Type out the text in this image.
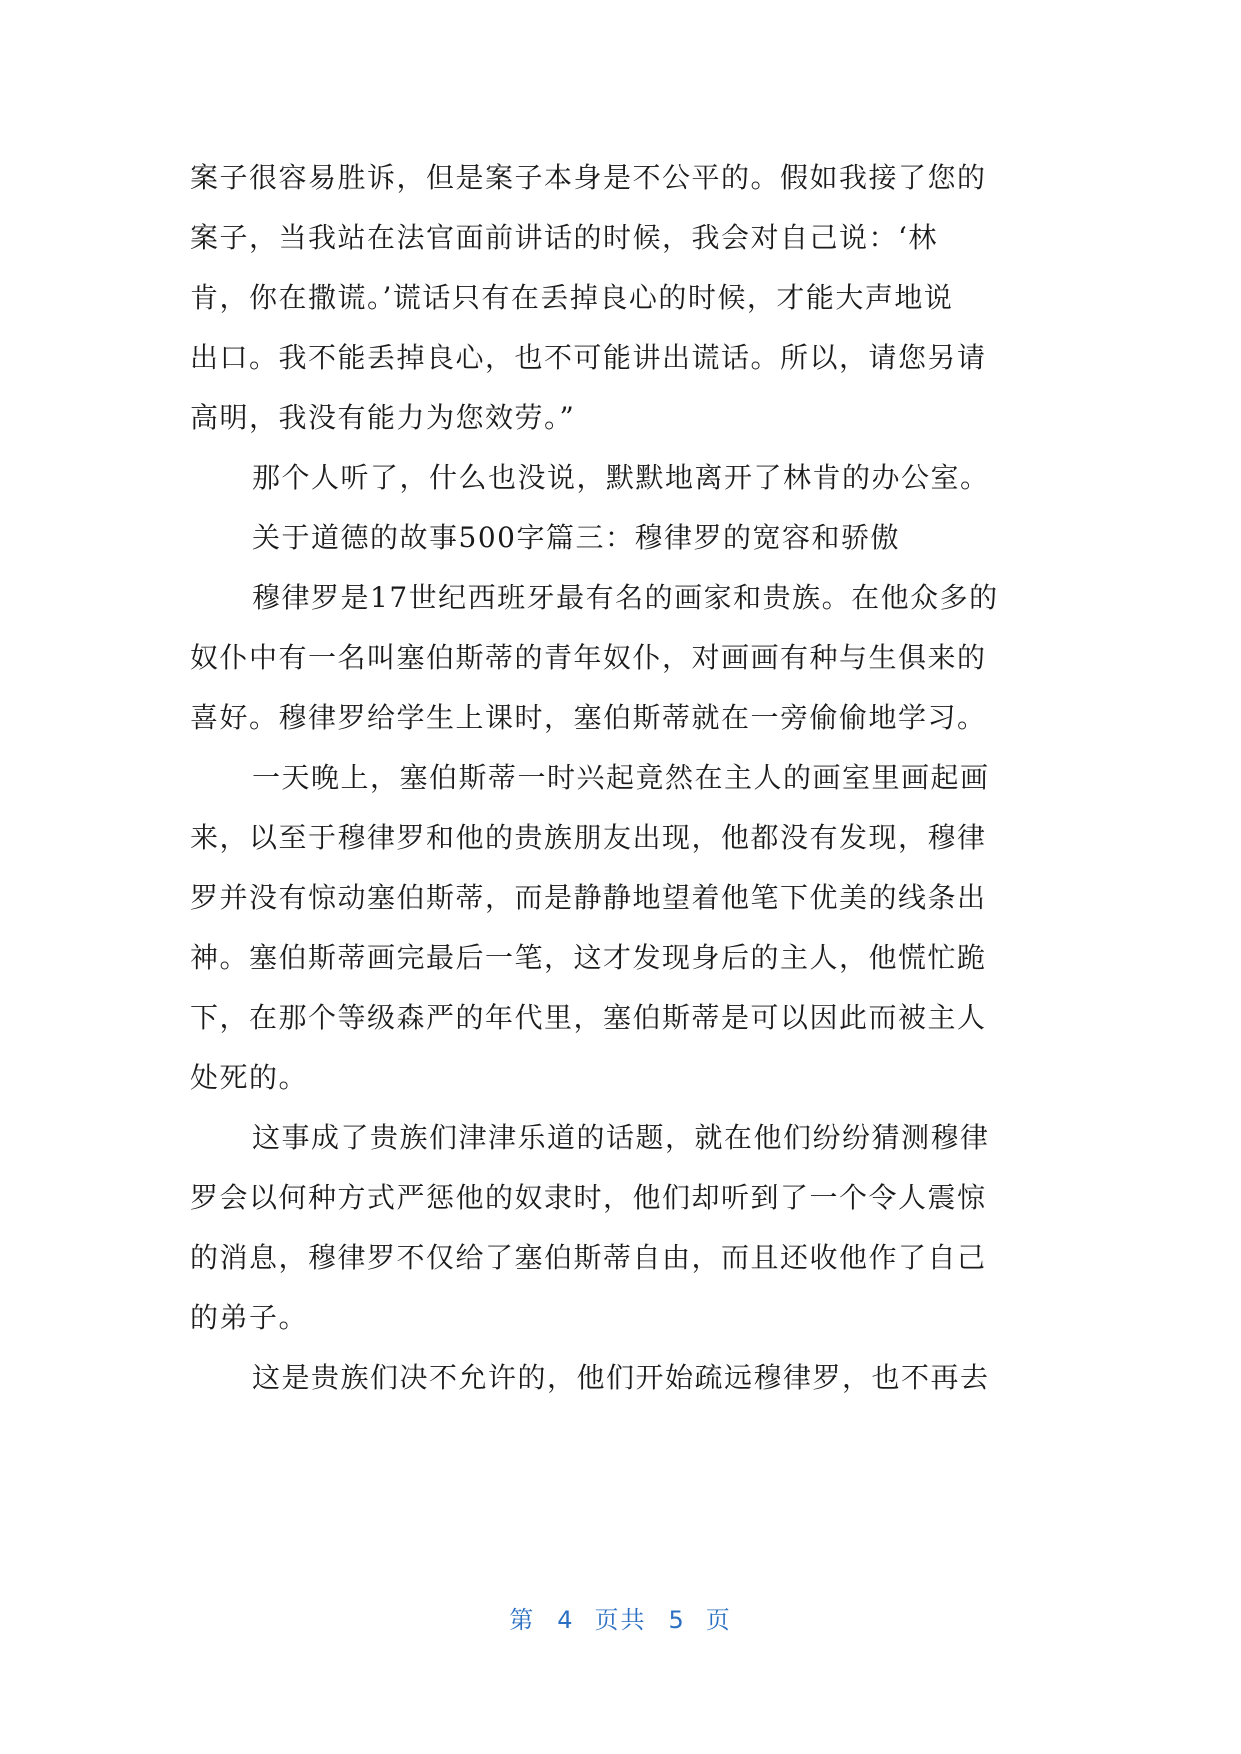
案子很容易胜诉，但是案子本身是不公平的。假如我接了您的
案子，当我站在法官面前讲话的时候，我会对自己说：‘林
肯，你在撒谎。’谎话只有在丢掉良心的时候，才能大声地说
出口。我不能丢掉良心，也不可能讲出谎话。所以，请您另请
高明，我没有能力为您效劳。”
那个人听了，什么也没说，默默地离开了林肯的办公室。
关于道德的故事500字篇三：穆律罗的宽容和骄傲
穆律罗是17世纪西班牙最有名的画家和贵族。在他众多的
奴仆中有一名叫塞伯斯蒂的青年奴仆，对画画有种与生俱来的
喜好。穆律罗给学生上课时，塞伯斯蒂就在一旁偷偷地学习。
一天晚上，塞伯斯蒂一时兴起竟然在主人的画室里画起画
来，以至于穆律罗和他的贵族朋友出现，他都没有发现，穆律
罗并没有惊动塞伯斯蒂，而是静静地望着他笔下优美的线条出
神。塞伯斯蒂画完最后一笔，这才发现身后的主人，他慌忙跪
下，在那个等级森严的年代里，塞伯斯蒂是可以因此而被主人
处死的。
这事成了贵族们津津乐道的话题，就在他们纷纷猜测穆律
罗会以何种方式严惩他的奴隶时，他们却听到了一个令人震惊
的消息，穆律罗不仅给了塞伯斯蒂自由，而且还收他作了自己
的弟子。
这是贵族们决不允许的，他们开始疏远穆律罗，也不再去
第 4 页共 5 页
